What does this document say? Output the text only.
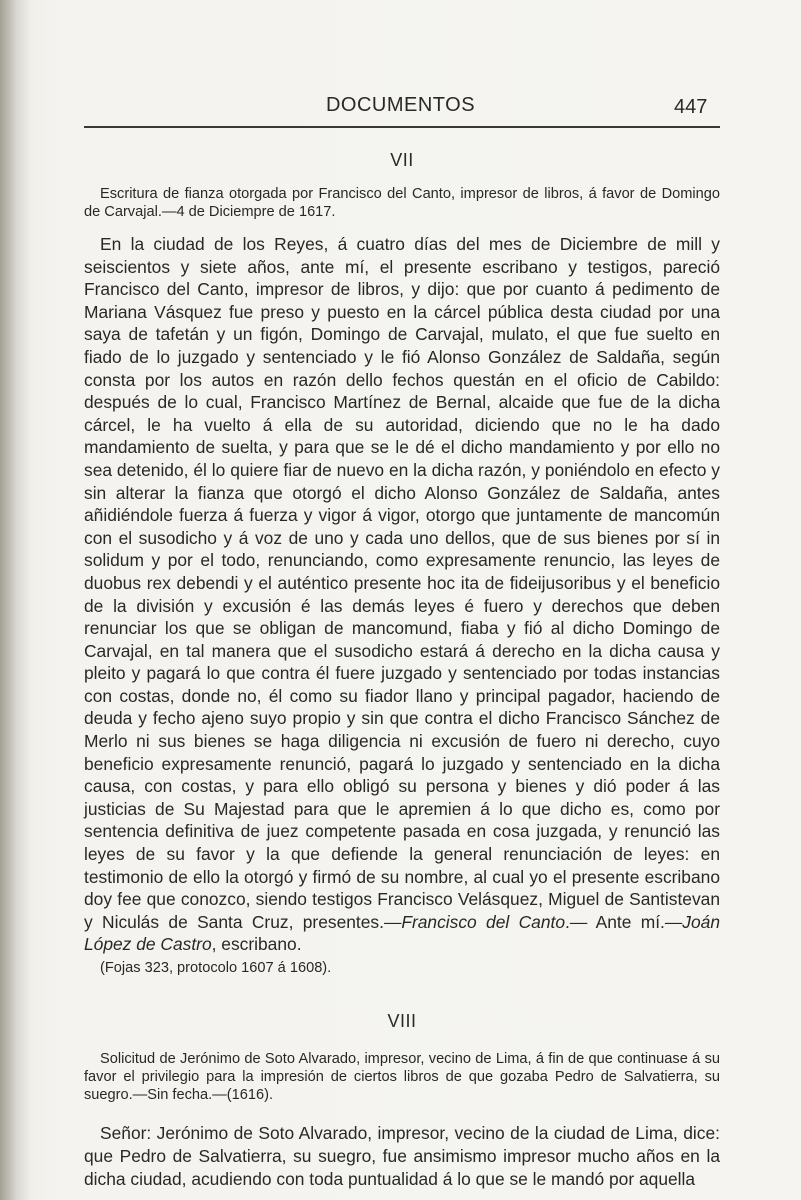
DOCUMENTOS	447
VII

Escritura de fianza otorgada por Francisco del Canto, impresor de libros, á favor de Domingo de Carvajal.—4 de Diciempre de 1617.

En la ciudad de los Reyes, á cuatro días del mes de Diciembre de mill y seiscientos y siete años, ante mí, el presente escribano y testigos, pareció Francisco del Canto, impresor de libros, y dijo: que por cuanto á pedimento de Mariana Vásquez fue preso y puesto en la cárcel pública desta ciudad por una saya de tafetán y un figón, Domingo de Carvajal, mulato, el que fue suelto en fiado de lo juzgado y sentenciado y le fió Alonso González de Saldaña, según consta por los autos en razón dello fechos questán en el oficio de Cabildo: después de lo cual, Francisco Martínez de Bernal, alcaide que fue de la dicha cárcel, le ha vuelto á ella de su autoridad, diciendo que no le ha dado mandamiento de suelta, y para que se le dé el dicho mandamiento y por ello no sea detenido, él lo quiere fiar de nuevo en la dicha razón, y poniéndolo en efecto y sin alterar la fianza que otorgó el dicho Alonso González de Saldaña, antes añidiéndole fuerza á fuerza y vigor á vigor, otorgo que juntamente de mancomún con el susodicho y á voz de uno y cada uno dellos, que de sus bienes por sí in solidum y por el todo, renunciando, como expresamente renuncio, las leyes de duobus rex debendi y el auténtico presente hoc ita de fideijusoribus y el beneficio de la división y excusión é las demás leyes é fuero y derechos que deben renunciar los que se obligan de mancomund, fiaba y fió al dicho Domingo de Carvajal, en tal manera que el susodicho estará á derecho en la dicha causa y pleito y pagará lo que contra él fuere juzgado y sentenciado por todas instancias con costas, donde no, él como su fiador llano y principal pagador, haciendo de deuda y fecho ajeno suyo propio y sin que contra el dicho Francisco Sánchez de Merlo ni sus bienes se haga diligencia ni excusión de fuero ni derecho, cuyo beneficio expresamente renunció, pagará lo juzgado y sentenciado en la dicha causa, con costas, y para ello obligó su persona y bienes y dió poder á las justicias de Su Majestad para que le apremien á lo que dicho es, como por sentencia definitiva de juez competente pasada en cosa juzgada, y renunció las leyes de su favor y la que defiende la general renunciación de leyes: en testimonio de ello la otorgó y firmó de su nombre, al cual yo el presente escribano doy fee que conozco, siendo testigos Francisco Velásquez, Miguel de Santistevan y Niculás de Santa Cruz, presentes.—Francisco del Canto.— Ante mí.—Joán López de Castro, escribano.

(Fojas 323, protocolo 1607 á 1608).

VIII

Solicitud de Jerónimo de Soto Alvarado, impresor, vecino de Lima, á fin de que continuase á su favor el privilegio para la impresión de ciertos libros de que gozaba Pedro de Salvatierra, su suegro.—Sin fecha.—(1616).

Señor: Jerónimo de Soto Alvarado, impresor, vecino de la ciudad de Lima, dice: que Pedro de Salvatierra, su suegro, fue ansimismo impresor mucho años en la dicha ciudad, acudiendo con toda puntualidad á lo que se le mandó por aquella
